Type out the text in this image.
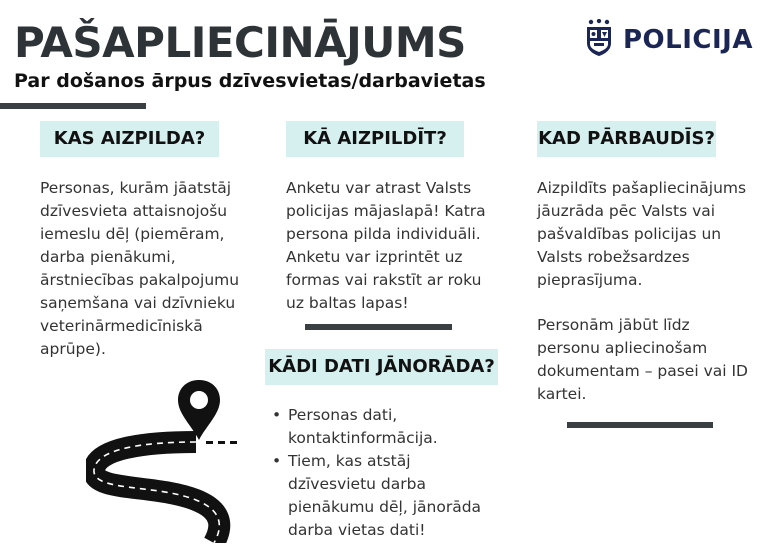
PAŠAPLIECINĀJUMS

Par došanos ārpus dzīvesvietas/darbavietas

POLICIJA
KAS AIZPILDA?
Personas, kurām jāatstāj dzīvesvieta attaisnojošu iemeslu dēļ (piemēram, darba pienākumi, ārstniecības pakalpojumu saņemšana vai dzīvnieku veterinārmedicīniskā aprūpe).
KĀ AIZPILDĪT?
Anketu var atrast Valsts policijas mājaslapā! Katra persona pilda individuāli. Anketu var izprintēt uz formas vai rakstīt ar roku uz baltas lapas!
KĀDI DATI JĀNORĀDA?
• Personas dati, kontaktinformācija.
• Tiem, kas atstāj dzīvesvietu darba pienākumu dēļ, jānorāda darba vietas dati!
KAD PĀRBAUDĪS?
Aizpildīts pašapliecinājums jāuzrāda pēc Valsts vai pašvaldības policijas un Valsts robežsardzes pieprasījuma.
Personām jābūt līdz personu apliecinošam dokumentam – pasei vai ID kartei.
